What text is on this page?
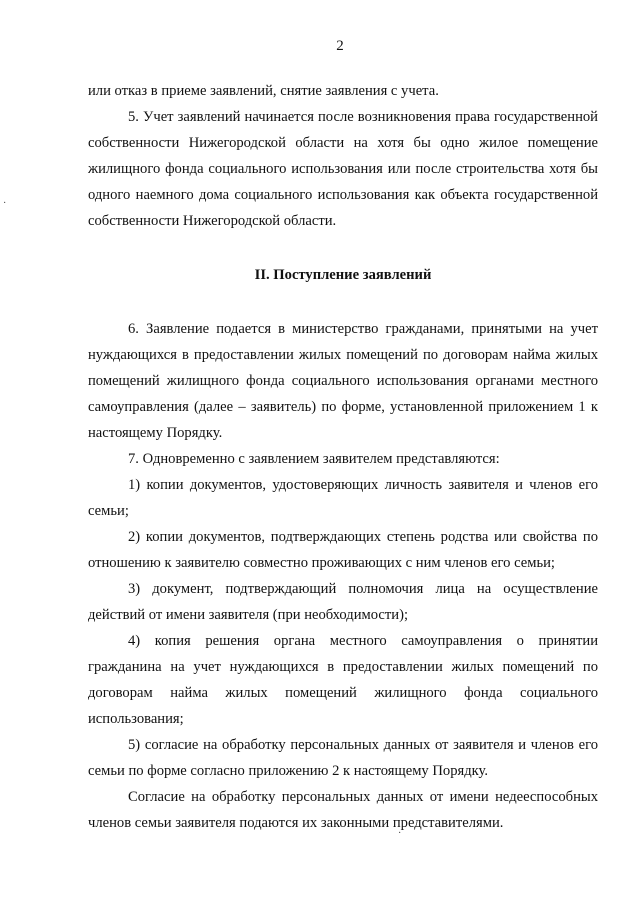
2

или отказ в приеме заявлений, снятие заявления с учета.

5. Учет заявлений начинается после возникновения права государственной собственности Нижегородской области на хотя бы одно жилое помещение жилищного фонда социального использования или после строительства хотя бы одного наемного дома социального использования как объекта государственной собственности Нижегородской области.

II. Поступление заявлений

6. Заявление подается в министерство гражданами, принятыми на учет нуждающихся в предоставлении жилых помещений по договорам найма жилых помещений жилищного фонда социального использования органами местного самоуправления (далее – заявитель) по форме, установленной приложением 1 к настоящему Порядку.

7. Одновременно с заявлением заявителем представляются:

1) копии документов, удостоверяющих личность заявителя и членов его семьи;

2) копии документов, подтверждающих степень родства или свойства по отношению к заявителю совместно проживающих с ним членов его семьи;

3) документ, подтверждающий полномочия лица на осуществление действий от имени заявителя (при необходимости);

4) копия решения органа местного самоуправления о принятии гражданина на учет нуждающихся в предоставлении жилых помещений по договорам найма жилых помещений жилищного фонда социального использования;

5) согласие на обработку персональных данных от заявителя и членов его семьи по форме согласно приложению 2 к настоящему Порядку.

Согласие на обработку персональных данных от имени недееспособных членов семьи заявителя подаются их законными представителями.

·
·
